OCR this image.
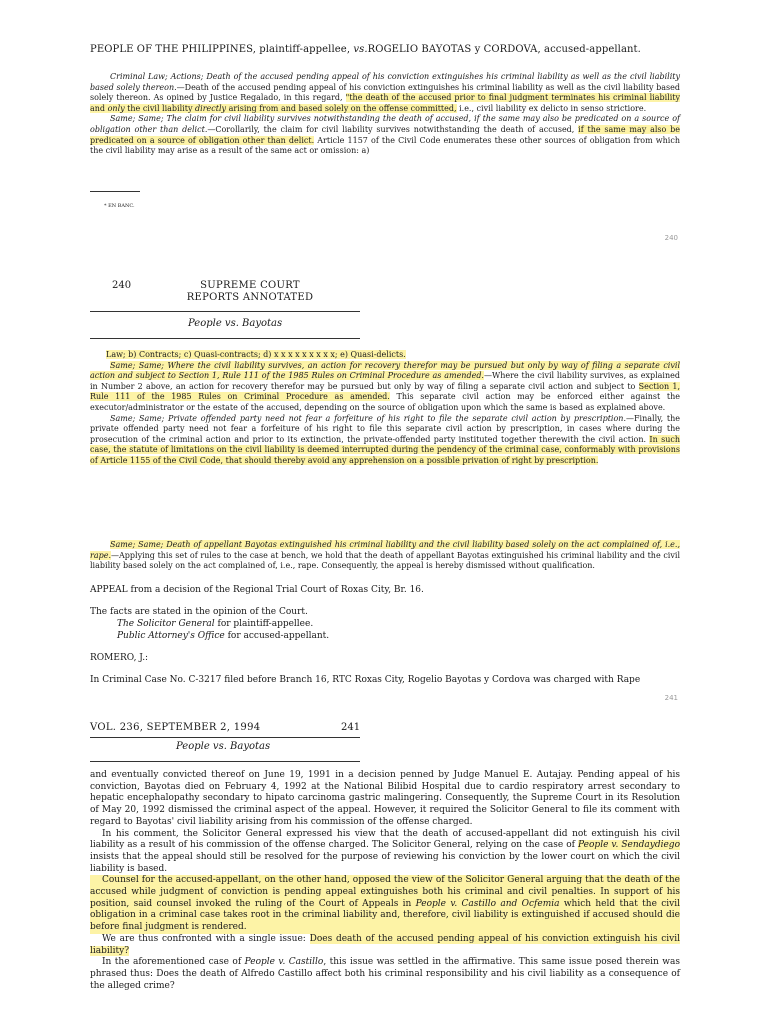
PEOPLE OF THE PHILIPPINES, plaintiff-appellee, vs.ROGELIO BAYOTAS y CORDOVA, accused-appellant.

Criminal Law; Actions; Death of the accused pending appeal of his conviction extinguishes his criminal liability as well as the civil liability based solely thereon.—Death of the accused pending appeal of his conviction extinguishes his criminal liability as well as the civil liability based solely thereon. As opined by Justice Regalado, in this regard, "the death of the accused prior to final judgment terminates his criminal liability and only the civil liability directly arising from and based solely on the offense committed, i.e., civil liability ex delicto in senso strictiore.

Same; Same; The claim for civil liability survives notwithstanding the death of accused, if the same may also be predicated on a source of obligation other than delict.—Corollarily, the claim for civil liability survives notwithstanding the death of accused, if the same may also be predicated on a source of obligation other than delict. Article 1157 of the Civil Code enumerates these other sources of obligation from which the civil liability may arise as a result of the same act or omission: a)

* EN BANC.
240
240	SUPREME COURT REPORTS ANNOTATED
People vs. Bayotas

Law; b) Contracts; c) Quasi-contracts; d) x x x x x x x x x; e) Quasi-delicts.

Same; Same; Where the civil liability survives, an action for recovery therefor may be pursued but only by way of filing a separate civil action and subject to Section 1, Rule 111 of the 1985 Rules on Criminal Procedure as amended.—Where the civil liability survives, as explained in Number 2 above, an action for recovery therefor may be pursued but only by way of filing a separate civil action and subject to Section 1, Rule 111 of the 1985 Rules on Criminal Procedure as amended. This separate civil action may be enforced either against the executor/administrator or the estate of the accused, depending on the source of obligation upon which the same is based as explained above.

Same; Same; Private offended party need not fear a forfeiture of his right to file the separate civil action by prescription.—Finally, the private offended party need not fear a forfeiture of his right to file this separate civil action by prescription, in cases where during the prosecution of the criminal action and prior to its extinction, the private-offended party instituted together therewith the civil action. In such case, the statute of limitations on the civil liability is deemed interrupted during the pendency of the criminal case, conformably with provisions of Article 1155 of the Civil Code, that should thereby avoid any apprehension on a possible privation of right by prescription.

Same; Same; Death of appellant Bayotas extinguished his criminal liability and the civil liability based solely on the act complained of, i.e., rape.—Applying this set of rules to the case at bench, we hold that the death of appellant Bayotas extinguished his criminal liability and the civil liability based solely on the act complained of, i.e., rape. Consequently, the appeal is hereby dismissed without qualification.

APPEAL from a decision of the Regional Trial Court of Roxas City, Br. 16.

The facts are stated in the opinion of the Court.

The Solicitor General for plaintiff-appellee.

Public Attorney's Office for accused-appellant.

ROMERO, J.:

In Criminal Case No. C-3217 filed before Branch 16, RTC Roxas City, Rogelio Bayotas y Cordova was charged with Rape

241
VOL. 236, SEPTEMBER 2, 1994	241
People vs. Bayotas

and eventually convicted thereof on June 19, 1991 in a decision penned by Judge Manuel E. Autajay. Pending appeal of his conviction, Bayotas died on February 4, 1992 at the National Bilibid Hospital due to cardio respiratory arrest secondary to hepatic encephalopathy secondary to hipato carcinoma gastric malingering. Consequently, the Supreme Court in its Resolution of May 20, 1992 dismissed the criminal aspect of the appeal. However, it required the Solicitor General to file its comment with regard to Bayotas' civil liability arising from his commission of the offense charged.

In his comment, the Solicitor General expressed his view that the death of accused-appellant did not extinguish his civil liability as a result of his commission of the offense charged. The Solicitor General, relying on the case of People v. Sendaydiego insists that the appeal should still be resolved for the purpose of reviewing his conviction by the lower court on which the civil liability is based.

Counsel for the accused-appellant, on the other hand, opposed the view of the Solicitor General arguing that the death of the accused while judgment of conviction is pending appeal extinguishes both his criminal and civil penalties. In support of his position, said counsel invoked the ruling of the Court of Appeals in People v. Castillo and Ocfemia which held that the civil obligation in a criminal case takes root in the criminal liability and, therefore, civil liability is extinguished if accused should die before final judgment is rendered.

We are thus confronted with a single issue: Does death of the accused pending appeal of his conviction extinguish his civil liability?

In the aforementioned case of People v. Castillo, this issue was settled in the affirmative. This same issue posed therein was phrased thus: Does the death of Alfredo Castillo affect both his criminal responsibility and his civil liability as a consequence of the alleged crime?
